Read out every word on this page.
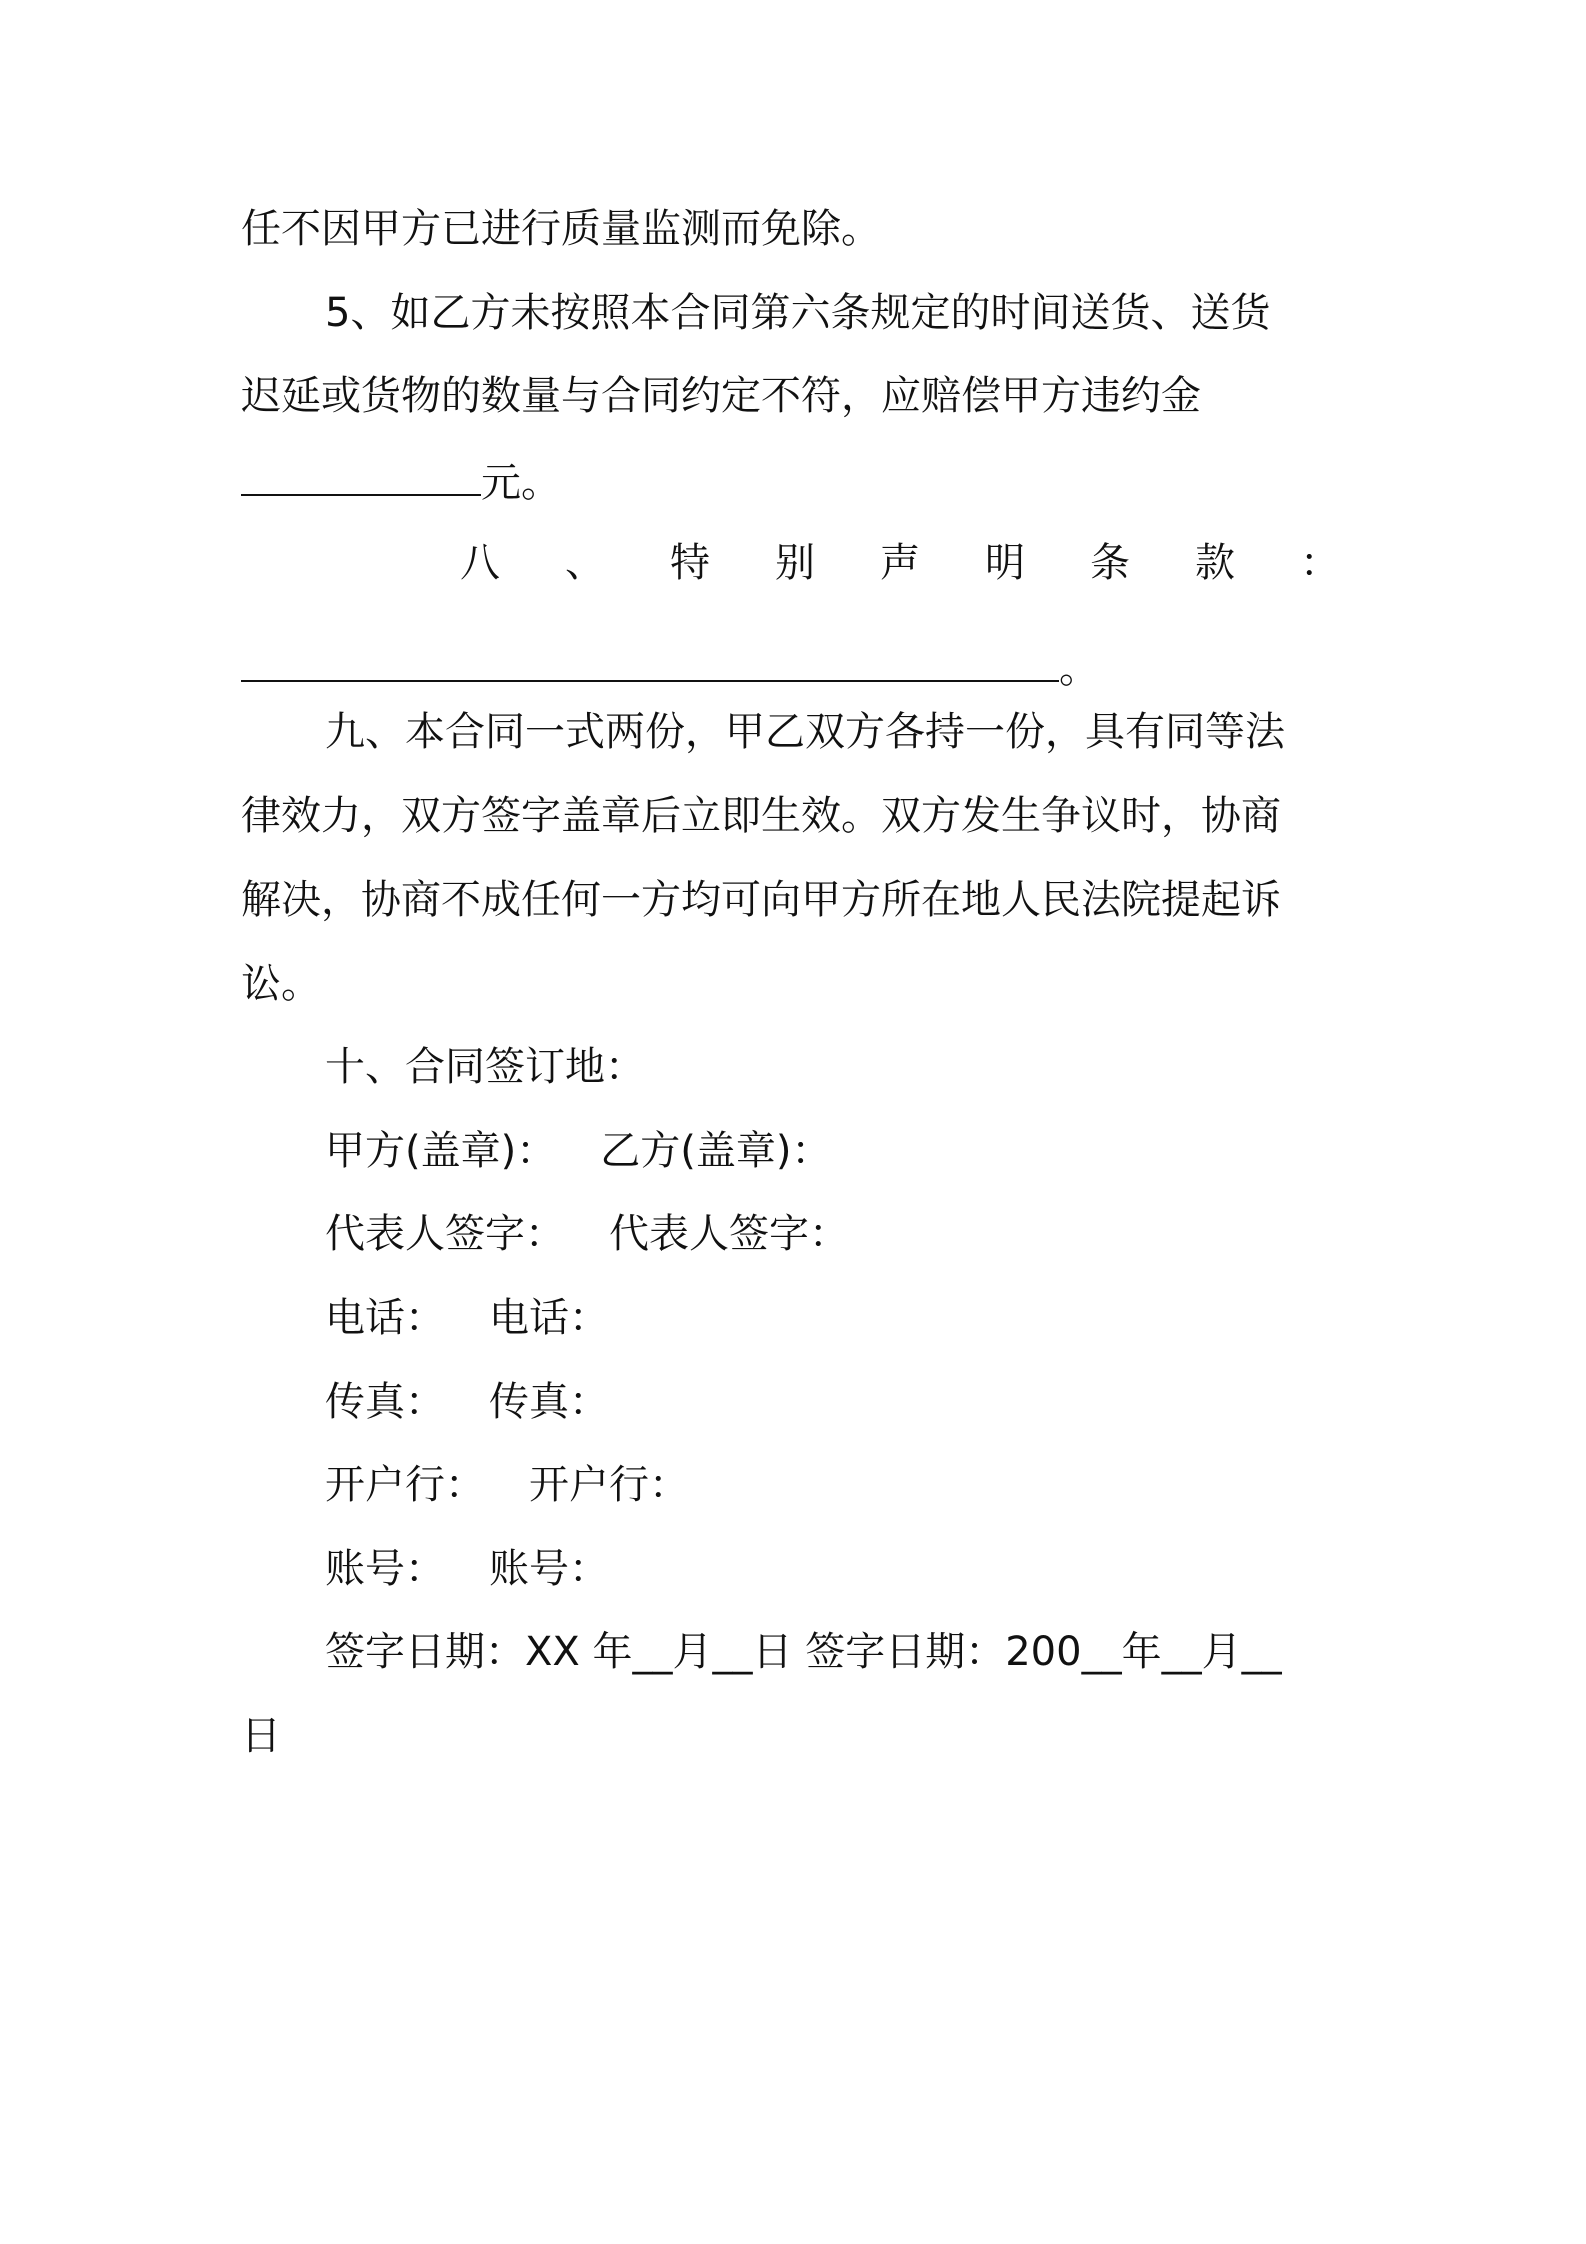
任不因甲方已进行质量监测而免除。
5、如乙方未按照本合同第六条规定的时间送货、送货
迟延或货物的数量与合同约定不符，应赔偿甲方违约金
元。
八 、 特 别 声 明 条 款 ：
。
九、本合同一式两份，甲乙双方各持一份，具有同等法
律效力，双方签字盖章后立即生效。双方发生争议时，协商
解决，协商不成任何一方均可向甲方所在地人民法院提起诉
讼。
十、合同签订地：
甲方(盖章)： 乙方(盖章)：
代表人签字： 代表人签字：
电话： 电话：
传真： 传真：
开户行： 开户行：
账号： 账号：
签字日期：XX 年__月__日 签字日期：200__年__月__
日
